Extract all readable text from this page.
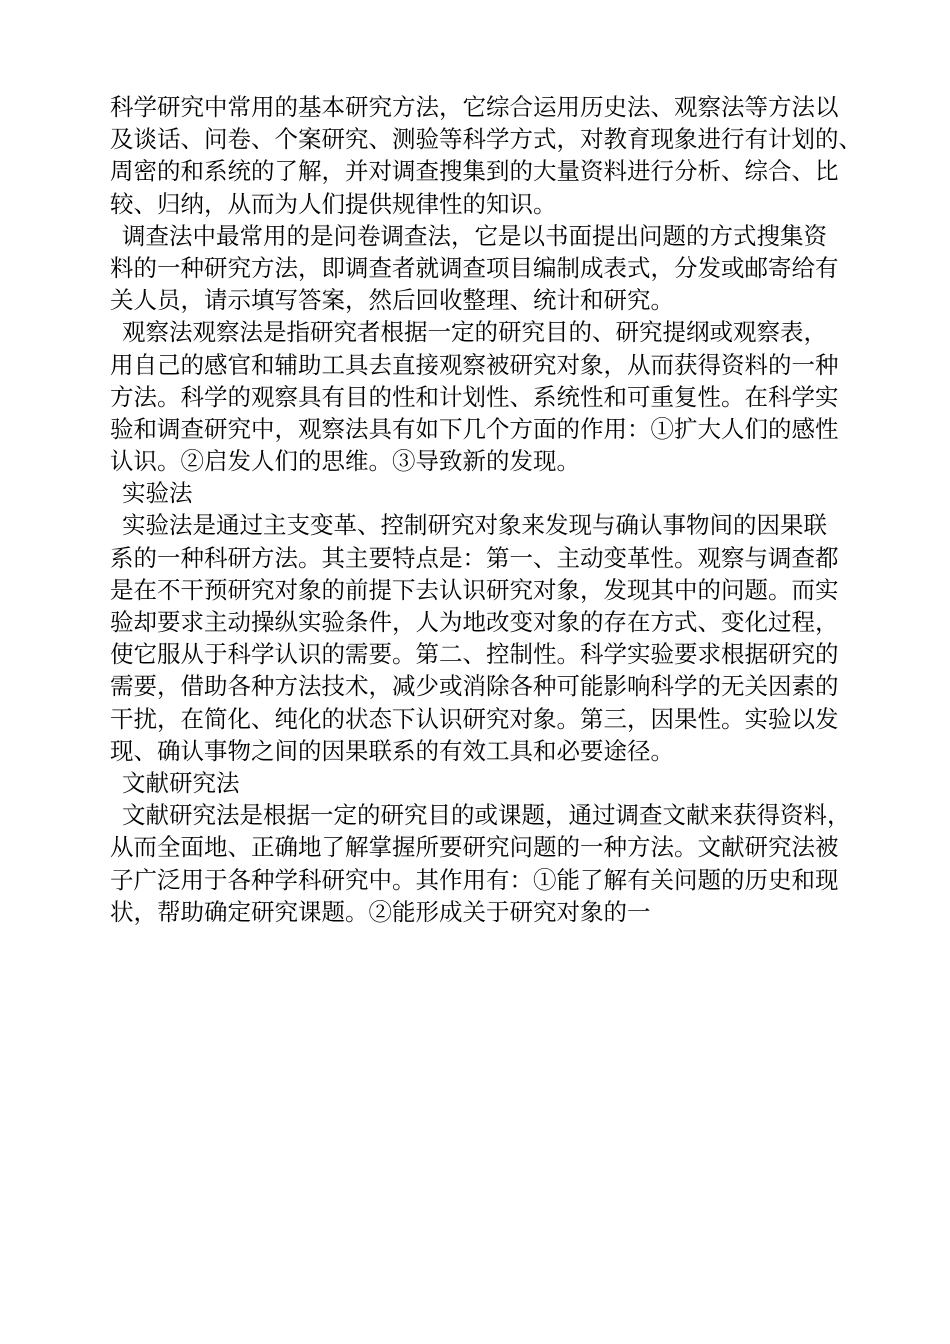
科学研究中常用的基本研究方法，它综合运用历史法、观察法等方法以
及谈话、问卷、个案研究、测验等科学方式，对教育现象进行有计划的、
周密的和系统的了解，并对调查搜集到的大量资料进行分析、综合、比
较、归纳，从而为人们提供规律性的知识。
调查法中最常用的是问卷调查法，它是以书面提出问题的方式搜集资
料的一种研究方法，即调查者就调查项目编制成表式，分发或邮寄给有
关人员，请示填写答案，然后回收整理、统计和研究。
观察法观察法是指研究者根据一定的研究目的、研究提纲或观察表，
用自己的感官和辅助工具去直接观察被研究对象，从而获得资料的一种
方法。科学的观察具有目的性和计划性、系统性和可重复性。在科学实
验和调查研究中，观察法具有如下几个方面的作用：①扩大人们的感性
认识。②启发人们的思维。③导致新的发现。
实验法
实验法是通过主支变革、控制研究对象来发现与确认事物间的因果联
系的一种科研方法。其主要特点是：第一、主动变革性。观察与调查都
是在不干预研究对象的前提下去认识研究对象，发现其中的问题。而实
验却要求主动操纵实验条件，人为地改变对象的存在方式、变化过程，
使它服从于科学认识的需要。第二、控制性。科学实验要求根据研究的
需要，借助各种方法技术，减少或消除各种可能影响科学的无关因素的
干扰，在简化、纯化的状态下认识研究对象。第三，因果性。实验以发
现、确认事物之间的因果联系的有效工具和必要途径。
文献研究法
文献研究法是根据一定的研究目的或课题，通过调查文献来获得资料，
从而全面地、正确地了解掌握所要研究问题的一种方法。文献研究法被
子广泛用于各种学科研究中。其作用有：①能了解有关问题的历史和现
状，帮助确定研究课题。②能形成关于研究对象的一
